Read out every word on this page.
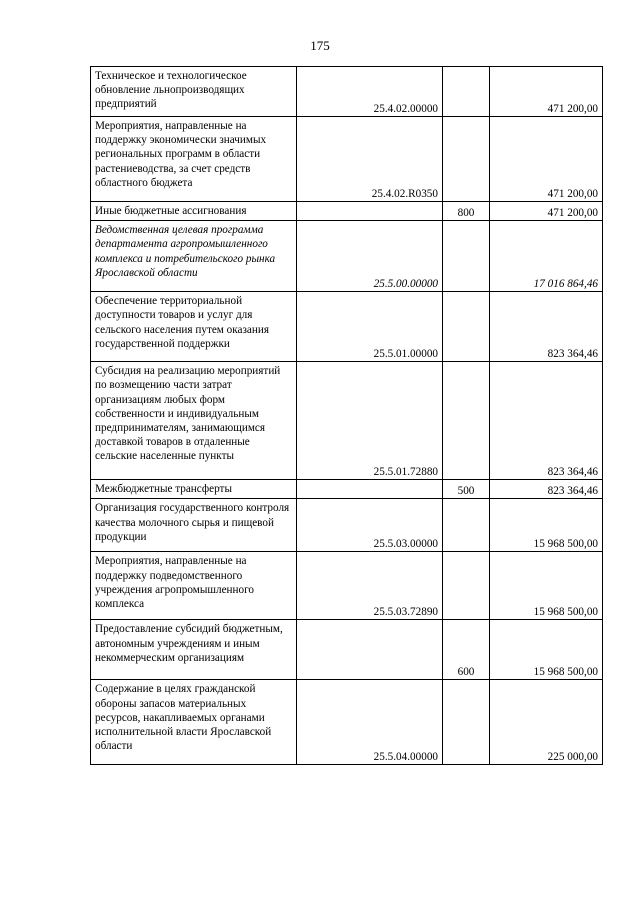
175
Техническое и технологическое обновление льнопроизводящих предприятий	25.4.02.00000		471 200,00
Мероприятия, направленные на поддержку экономически значимых региональных программ в области растениеводства, за счет средств областного бюджета	25.4.02.R0350		471 200,00
Иные бюджетные ассигнования		800	471 200,00
Ведомственная целевая программа департамента агропромышленного комплекса и потребительского рынка Ярославской области	25.5.00.00000		17 016 864,46
Обеспечение территориальной доступности товаров и услуг для сельского населения путем оказания государственной поддержки	25.5.01.00000		823 364,46
Субсидия на реализацию мероприятий по возмещению части затрат организациям любых форм собственности и индивидуальным предпринимателям, занимающимся доставкой товаров в отдаленные сельские населенные пункты	25.5.01.72880		823 364,46
Межбюджетные трансферты		500	823 364,46
Организация государственного контроля качества молочного сырья и пищевой продукции	25.5.03.00000		15 968 500,00
Мероприятия, направленные на поддержку подведомственного учреждения агропромышленного комплекса	25.5.03.72890		15 968 500,00
Предоставление субсидий бюджетным, автономным учреждениям и иным некоммерческим организациям		600	15 968 500,00
Содержание в целях гражданской обороны запасов материальных ресурсов, накапливаемых органами исполнительной власти Ярославской области	25.5.04.00000		225 000,00
